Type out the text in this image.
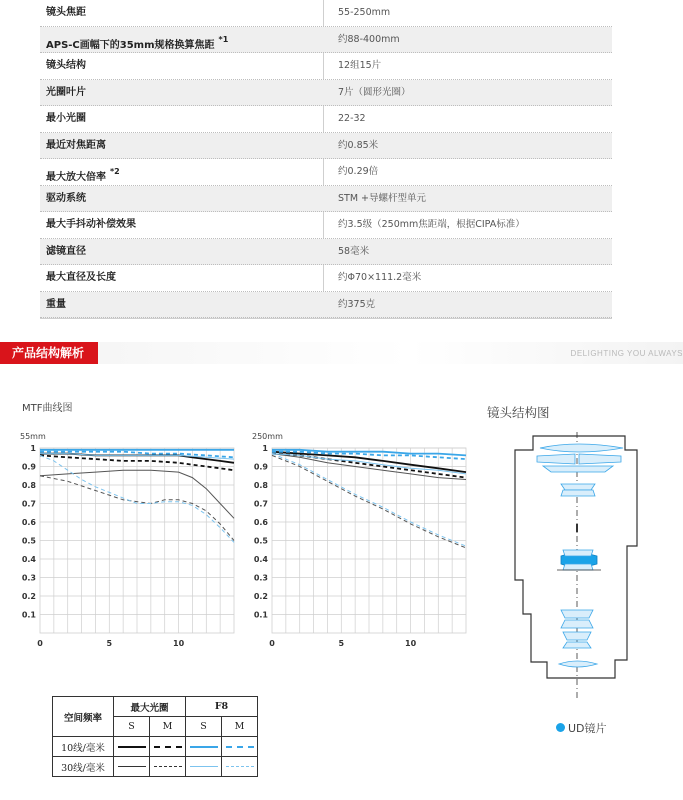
镜头焦距	55-250mm
APS-C画幅下的35mm规格换算焦距$^{*1}$	约88-400mm
镜头结构	12组15片
光圈叶片	7片（圆形光圈）
最小光圈	22-32
最近对焦距离	约0.85米
最大放大倍率$^{*2}$	约0.29倍
驱动系统	STM +导螺杆型单元
最大手抖动补偿效果	约3.5级（250mm焦距端，根据CIPA标准）
滤镜直径	58毫米
最大直径及长度	约Φ70×111.2毫米
重量	约375克
产品结构解析	DELIGHTING YOU ALWAYS
MTF曲线图	镜头结构图
55mm
0.1
0.2
0.3
0.4
0.5
0.6
0.7
0.8
0.9
1
0	5	10
250mm
0.1
0.2
0.3
0.4
0.5
0.6
0.7
0.8
0.9
1
0	5	10
UD镜片
空间频率	最大光圈		F8	
	S	M	S	M
10线/毫米	

30线/毫米	
